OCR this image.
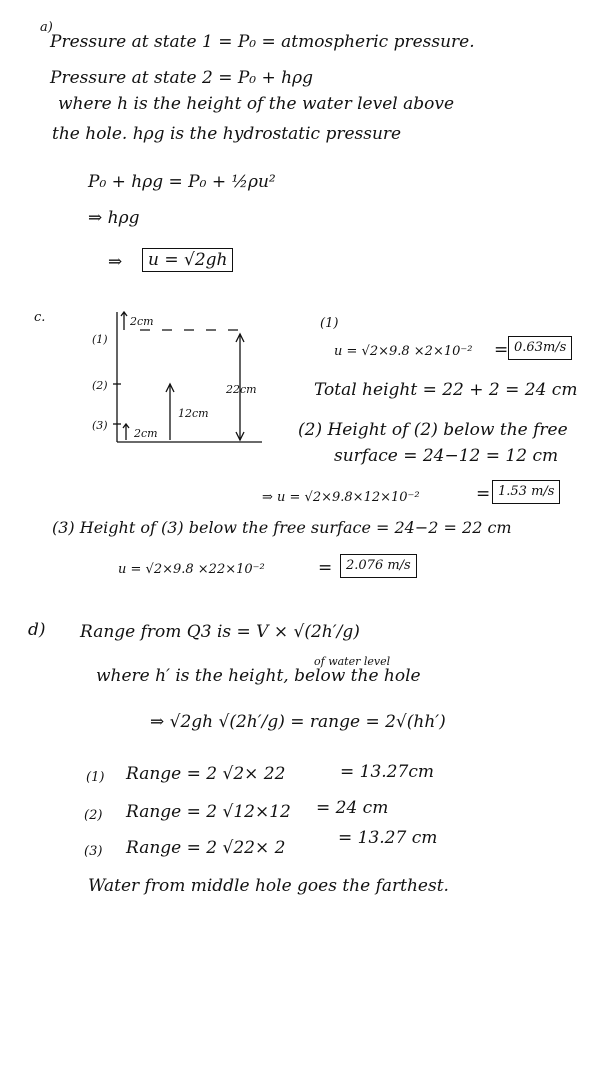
a)
Pressure at state 1 = P₀ = atmospheric pressure.
Pressure at state 2 = P₀ + hρg
where h is the height of the water level above
the hole. hρg is the hydrostatic pressure
P₀ + hρg = P₀ + ½ρu²
⇒ hρg
⇒	u = √2gh
c.
(1)
(2)
(3)
2cm
22cm
12cm
2cm
(1)
u = √2×9.8 ×2×10⁻² = 0.63m/s
Total height = 22 + 2 = 24 cm
(2) Height of (2) below the free
surface = 24−12 = 12 cm
⇒ u = √2×9.8×12×10⁻²	= 1.53 m/s
(3) Height of (3) below the free surface = 24−2 = 22 cm
u = √2×9.8 ×22×10⁻²	=	2.076 m/s
d) Range from Q3 is = V × √(2h′/g)
of water level
where h′ is the height, below the hole
⇒ √2gh √(2h′/g) = range = 2√(hh′)
(1) Range = 2 √2× 22	= 13.27cm
(2) Range = 2 √12×12 = 24 cm
(3) Range = 2 √22× 2	= 13.27 cm
Water from middle hole goes the farthest.
